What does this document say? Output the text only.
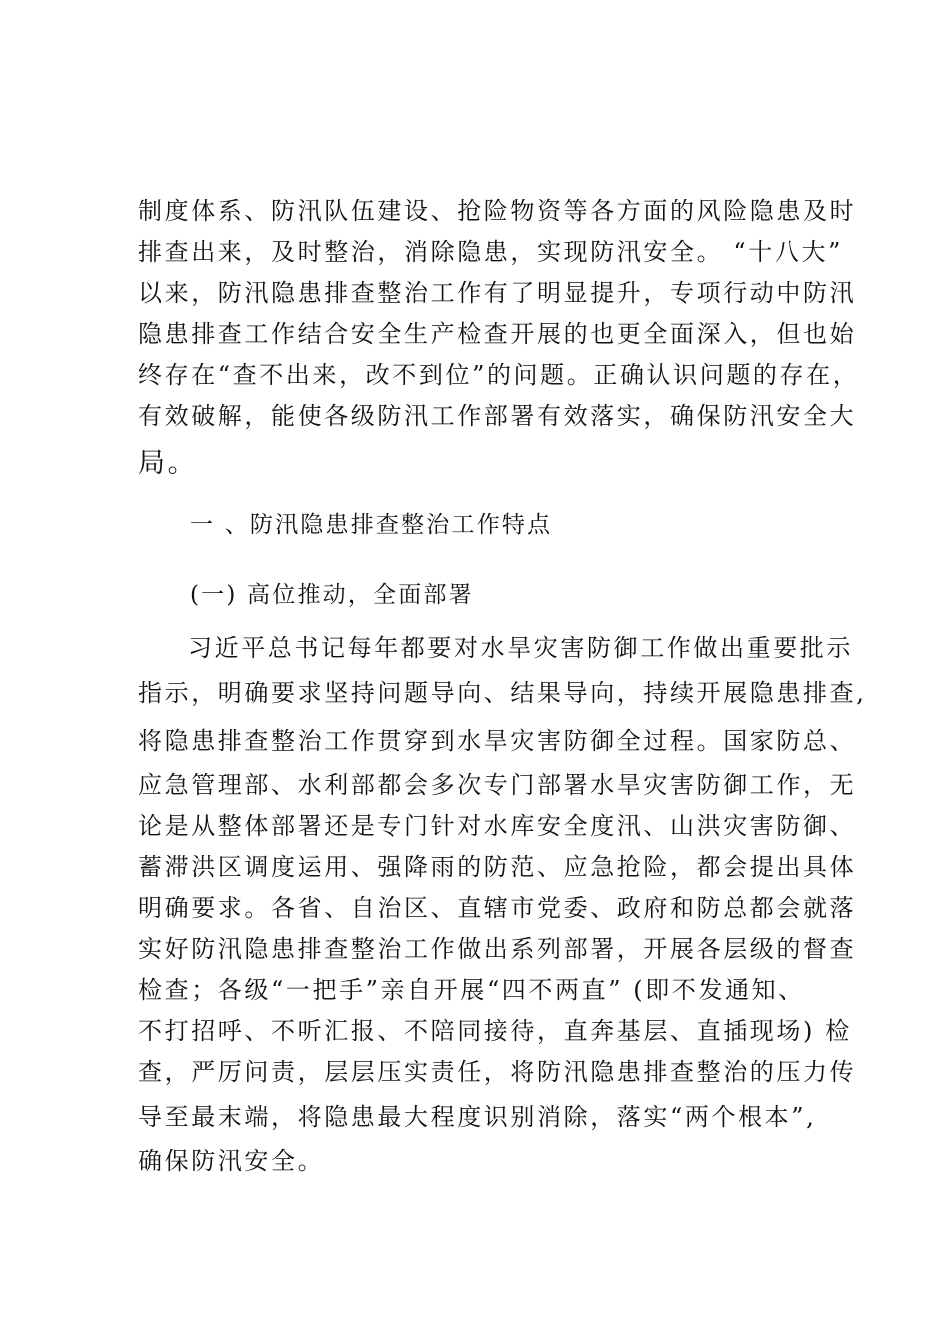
制度体系、防汛队伍建设、抢险物资等各方面的风险隐患及时
排查出来，及时整治，消除隐患，实现防汛安全。 “十八大”
以来，防汛隐患排查整治工作有了明显提升，专项行动中防汛
隐患排查工作结合安全生产检查开展的也更全面深入，但也始
终存在“查不出来，改不到位”的问题。正确认识问题的存在，
有效破解，能使各级防汛工作部署有效落实，确保防汛安全大
局。
一 、防汛隐患排查整治工作特点
(一) 高位推动，全面部署
习近平总书记每年都要对水旱灾害防御工作做出重要批示
指示，明确要求坚持问题导向、结果导向，持续开展隐患排查,
将隐患排查整治工作贯穿到水旱灾害防御全过程。国家防总、
应急管理部、水利部都会多次专门部署水旱灾害防御工作，无
论是从整体部署还是专门针对水库安全度汛、山洪灾害防御、
蓄滞洪区调度运用、强降雨的防范、应急抢险，都会提出具体
明确要求。各省、自治区、直辖市党委、政府和防总都会就落
实好防汛隐患排查整治工作做出系列部署，开展各层级的督查
检查；各级“一把手”亲自开展“四不两直” (即不发通知、
不打招呼、不听汇报、不陪同接待，直奔基层、直插现场) 检
查，严厉问责，层层压实责任，将防汛隐患排查整治的压力传
导至最末端，将隐患最大程度识别消除，落实“两个根本”,
确保防汛安全。
